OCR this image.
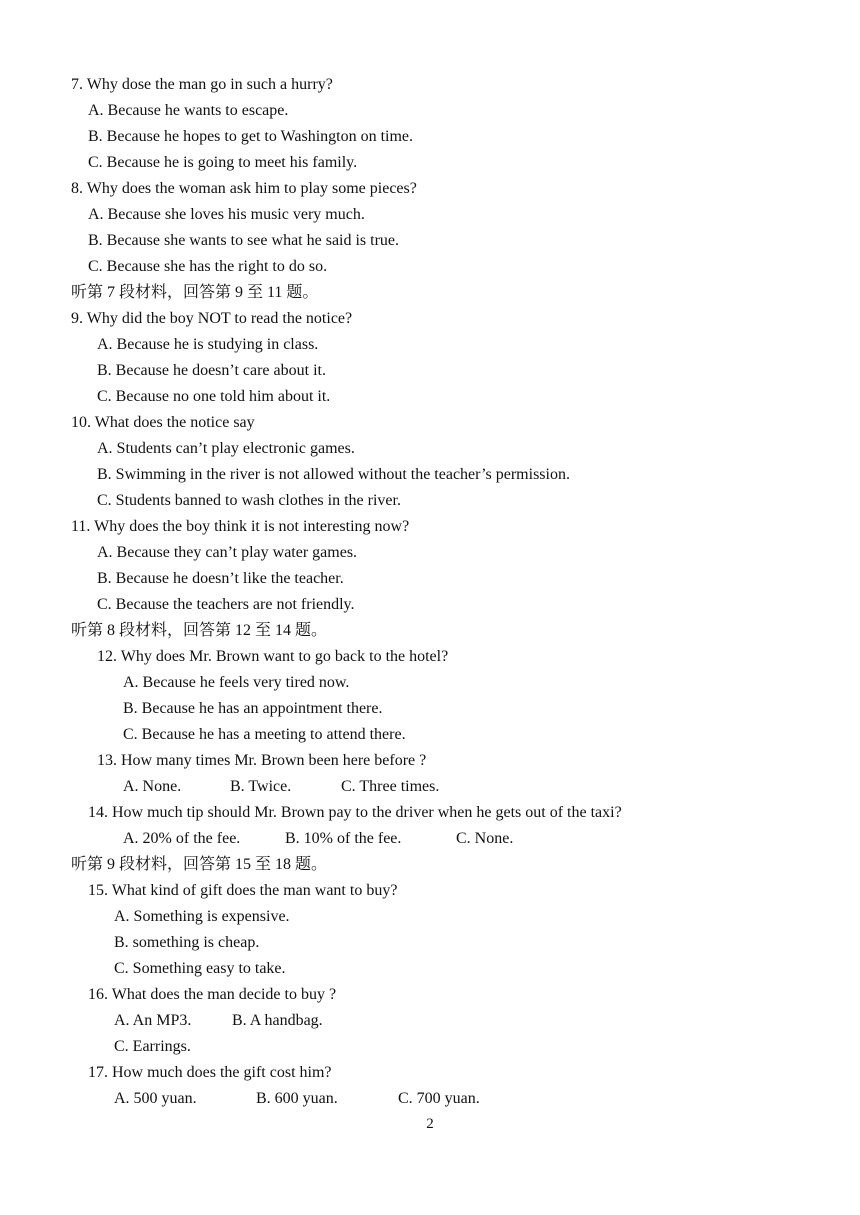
7. Why dose the man go in such a hurry?
A. Because he wants to escape.
B. Because he hopes to get to Washington on time.
C. Because he is going to meet his family.
8. Why does the woman ask him to play some pieces?
A. Because she loves his music very much.
B. Because she wants to see what he said is true.
C. Because she has the right to do so.
听第 7 段材料，回答第 9 至 11 题。
9. Why did the boy NOT to read the notice?
A. Because he is studying in class.
B. Because he doesn’t care about it.
C. Because no one told him about it.
10. What does the notice say
A. Students can’t play electronic games.
B. Swimming in the river is not allowed without the teacher’s permission.
C. Students banned to wash clothes in the river.
11. Why does the boy think it is not interesting now?
A. Because they can’t play water games.
B. Because he doesn’t like the teacher.
C. Because the teachers are not friendly.
听第 8 段材料，回答第 12 至 14 题。
12. Why does Mr. Brown want to go back to the hotel?
A. Because he feels very tired now.
B. Because he has an appointment there.
C. Because he has a meeting to attend there.
13. How many times Mr. Brown been here before ?
A. None.	B. Twice.	C. Three times.
14. How much tip should Mr. Brown pay to the driver when he gets out of the taxi?
A. 20% of the fee.	B. 10% of the fee.	C. None.
听第 9 段材料，回答第 15 至 18 题。
15. What kind of gift does the man want to buy?
A. Something is expensive.
B. something is cheap.
C. Something easy to take.
16. What does the man decide to buy ?
A. An MP3.	B. A handbag.
C. Earrings.
17. How much does the gift cost him?
A. 500 yuan.	B. 600 yuan.	C. 700 yuan.
2
